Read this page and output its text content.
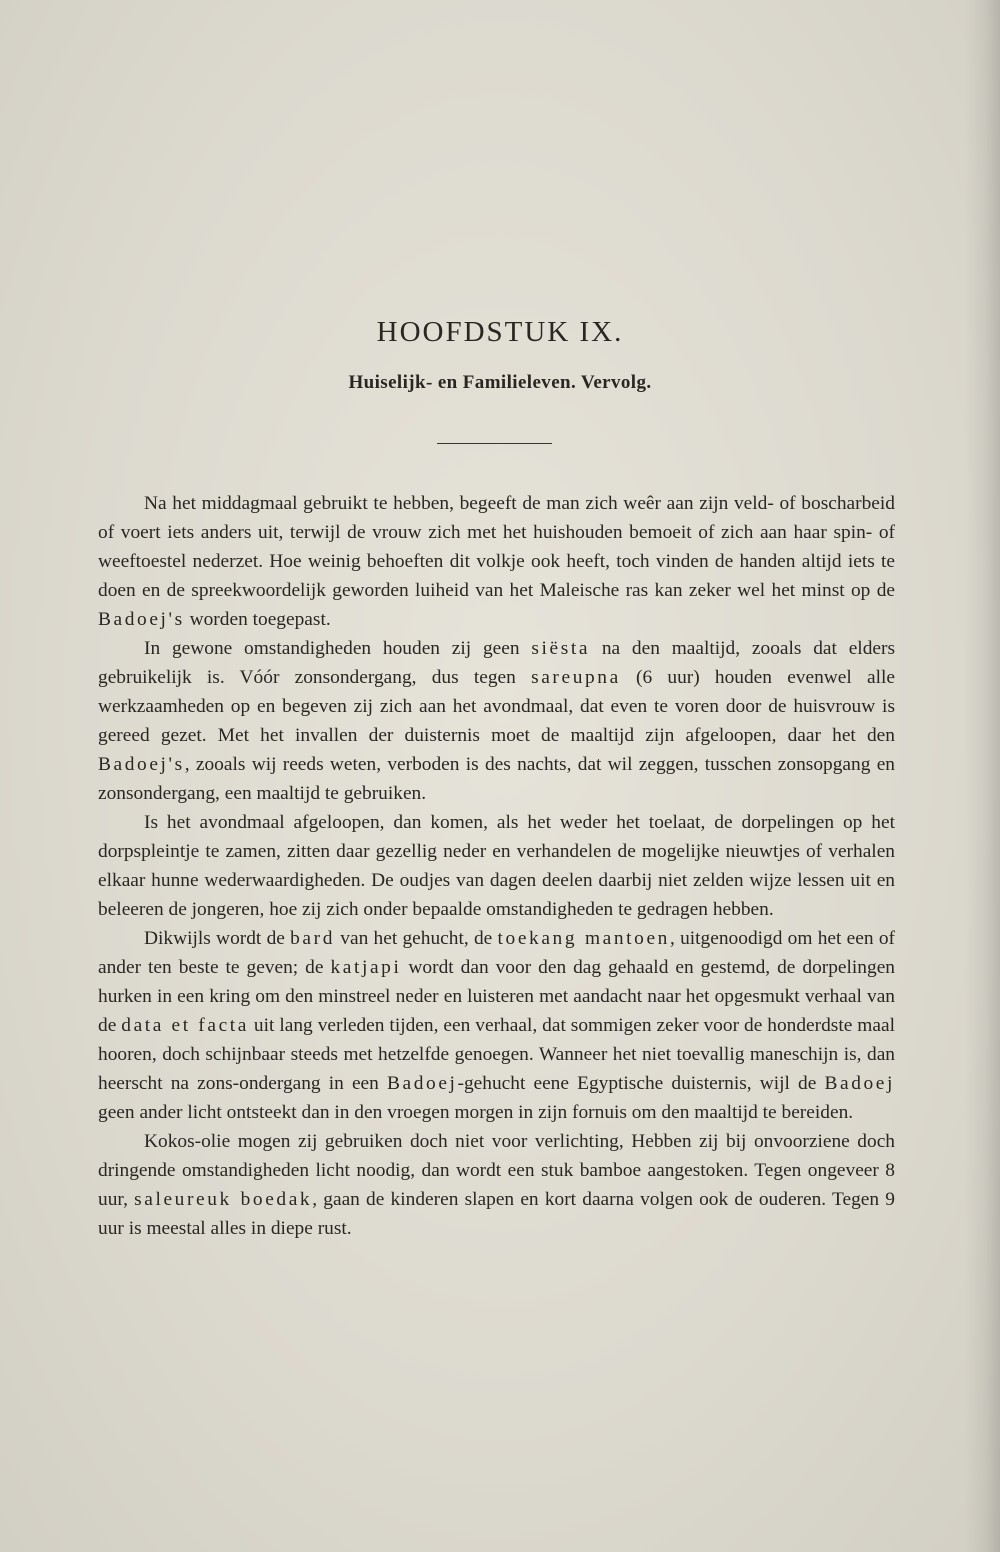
HOOFDSTUK IX.
Huiselijk- en Familieleven. Vervolg.

Na het middagmaal gebruikt te hebben, begeeft de man zich weêr aan zijn veld- of boscharbeid of voert iets anders uit, terwijl de vrouw zich met het huishouden bemoeit of zich aan haar spin- of weeftoestel nederzet. Hoe weinig behoeften dit volkje ook heeft, toch vinden de handen altijd iets te doen en de spreekwoordelijk geworden luiheid van het Maleische ras kan zeker wel het minst op de Badoej's worden toegepast.

In gewone omstandigheden houden zij geen siësta na den maaltijd, zooals dat elders gebruikelijk is. Vóór zonsondergang, dus tegen sareupna (6 uur) houden evenwel alle werkzaamheden op en begeven zij zich aan het avondmaal, dat even te voren door de huisvrouw is gereed gezet. Met het invallen der duisternis moet de maaltijd zijn afgeloopen, daar het den Badoej's, zooals wij reeds weten, verboden is des nachts, dat wil zeggen, tusschen zonsopgang en zonsondergang, een maaltijd te gebruiken.

Is het avondmaal afgeloopen, dan komen, als het weder het toelaat, de dorpelingen op het dorpspleintje te zamen, zitten daar gezellig neder en verhandelen de mogelijke nieuwtjes of verhalen elkaar hunne wederwaardigheden. De oudjes van dagen deelen daarbij niet zelden wijze lessen uit en beleeren de jongeren, hoe zij zich onder bepaalde omstandigheden te gedragen hebben.

Dikwijls wordt de bard van het gehucht, de toekang mantoen, uitgenoodigd om het een of ander ten beste te geven; de katjapi wordt dan voor den dag gehaald en gestemd, de dorpelingen hurken in een kring om den minstreel neder en luisteren met aandacht naar het opgesmukt verhaal van de data et facta uit lang verleden tijden, een verhaal, dat sommigen zeker voor de honderdste maal hooren, doch schijnbaar steeds met hetzelfde genoegen. Wanneer het niet toevallig maneschijn is, dan heerscht na zons-ondergang in een Badoej-gehucht eene Egyptische duisternis, wijl de Badoej geen ander licht ontsteekt dan in den vroegen morgen in zijn fornuis om den maaltijd te bereiden.

Kokos-olie mogen zij gebruiken doch niet voor verlichting, Hebben zij bij onvoorziene doch dringende omstandigheden licht noodig, dan wordt een stuk bamboe aangestoken. Tegen ongeveer 8 uur, saleureuk boedak, gaan de kinderen slapen en kort daarna volgen ook de ouderen. Tegen 9 uur is meestal alles in diepe rust.
